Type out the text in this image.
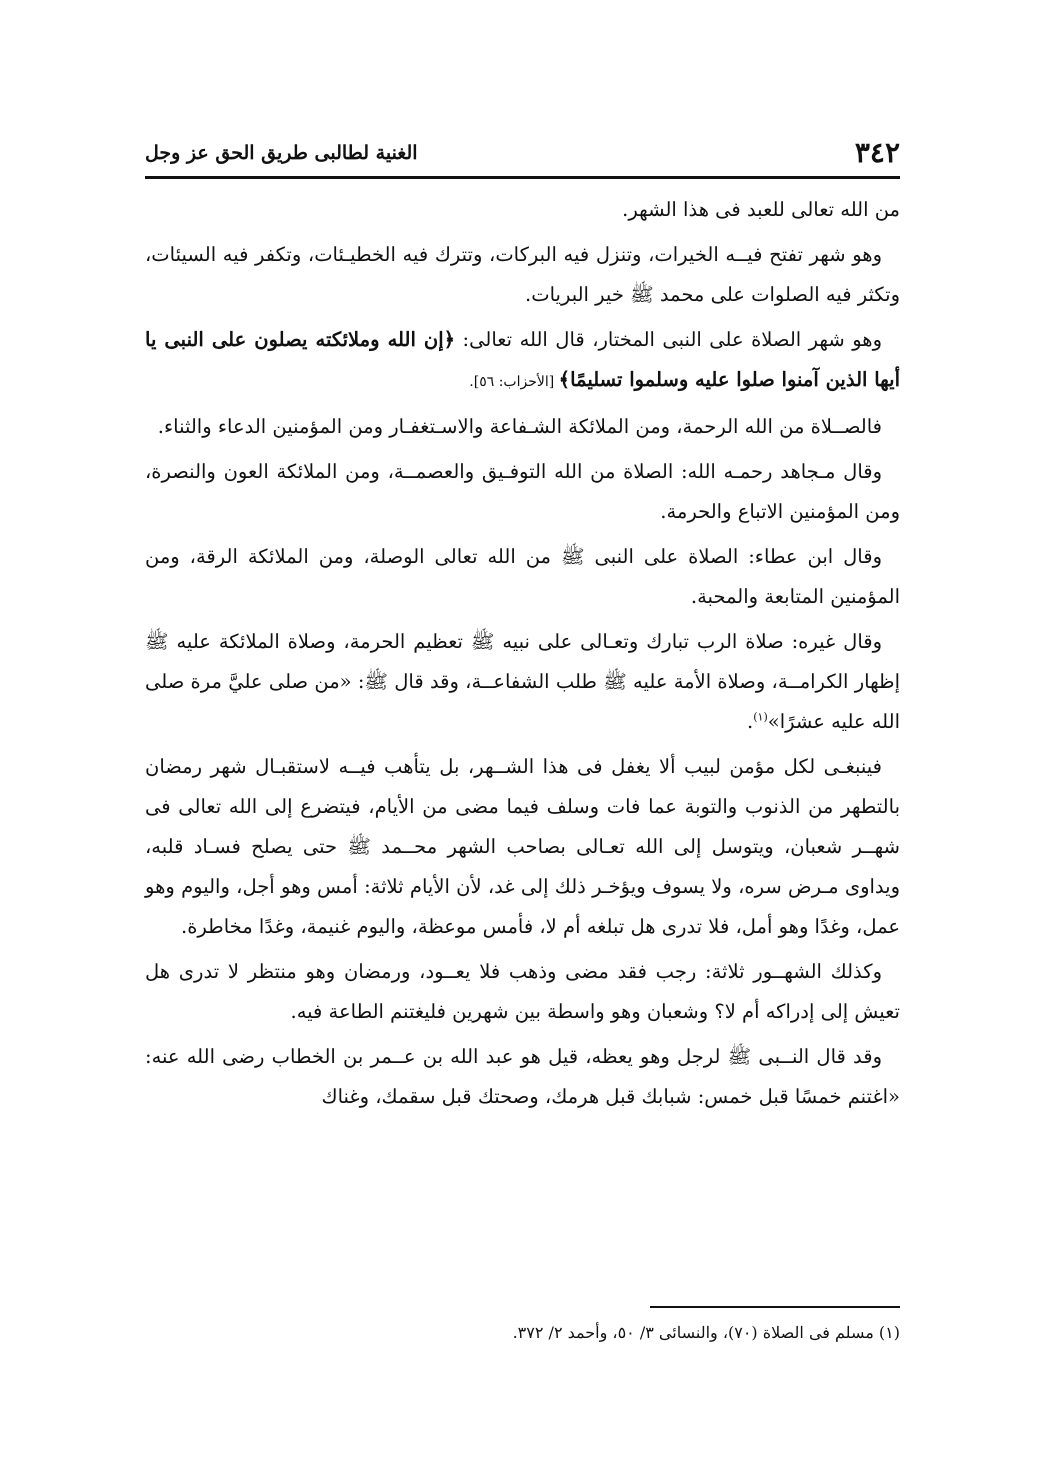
٣٤٢
الغنية لطالبى طريق الحق عز وجل

من الله تعالى للعبد فى هذا الشهر.

وهو شهر تفتح فيــه الخيرات، وتنزل فيه البركات، وتترك فيه الخطيـئات، وتكفر فيه السيئات، وتكثر فيه الصلوات على محمد ﷺ خير البريات.

وهو شهر الصلاة على النبى المختار، قال الله تعالى: ﴿إن الله وملائكته يصلون على النبى يا أيها الذين آمنوا صلوا عليه وسلموا تسليمًا﴾ [الأحزاب: ٥٦].

فالصــلاة من الله الرحمة، ومن الملائكة الشـفاعة والاسـتغفـار ومن المؤمنين الدعاء والثناء.

وقال مـجاهد رحمـه الله: الصلاة من الله التوفـيق والعصمــة، ومن الملائكة العون والنصرة، ومن المؤمنين الاتباع والحرمة.

وقال ابن عطاء: الصلاة على النبى ﷺ من الله تعالى الوصلة، ومن الملائكة الرقة، ومن المؤمنين المتابعة والمحبة.

وقال غيره: صلاة الرب تبارك وتعـالى على نبيه ﷺ تعظيم الحرمة، وصلاة الملائكة عليه ﷺ إظهار الكرامــة، وصلاة الأمة عليه ﷺ طلب الشفاعــة، وقد قال ﷺ: «من صلى عليَّ مرة صلى الله عليه عشرًا»$^{(١)}$.

فينبغـى لكل مؤمن لبيب ألا يغفل فى هذا الشــهر، بل يتأهب فيــه لاستقبـال شهر رمضان بالتطهر من الذنوب والتوبة عما فات وسلف فيما مضى من الأيام، فيتضرع إلى الله تعالى فى شهــر شعبان، ويتوسل إلى الله تعـالى بصاحب الشهر محــمد ﷺ حتى يصلح فسـاد قلبه، ويداوى مـرض سره، ولا يسوف ويؤخـر ذلك إلى غد، لأن الأيام ثلاثة: أمس وهو أجل، واليوم وهو عمل، وغدًا وهو أمل، فلا تدرى هل تبلغه أم لا، فأمس موعظة، واليوم غنيمة، وغدًا مخاطرة.

وكذلك الشهــور ثلاثة: رجب فقد مضى وذهب فلا يعــود، ورمضان وهو منتظر لا تدرى هل تعيش إلى إدراكه أم لا؟ وشعبان وهو واسطة بين شهرين فليغتنم الطاعة فيه.

وقد قال النــبى ﷺ لرجل وهو يعظه، قيل هو عبد الله بن عــمر بن الخطاب رضى الله عنه: «اغتنم خمسًا قبل خمس: شبابك قبل هرمك، وصحتك قبل سقمك، وغناك

(١) مسلم فى الصلاة (٧٠)، والنسائى ٣/ ٥٠، وأحمد ٢/ ٣٧٢.
